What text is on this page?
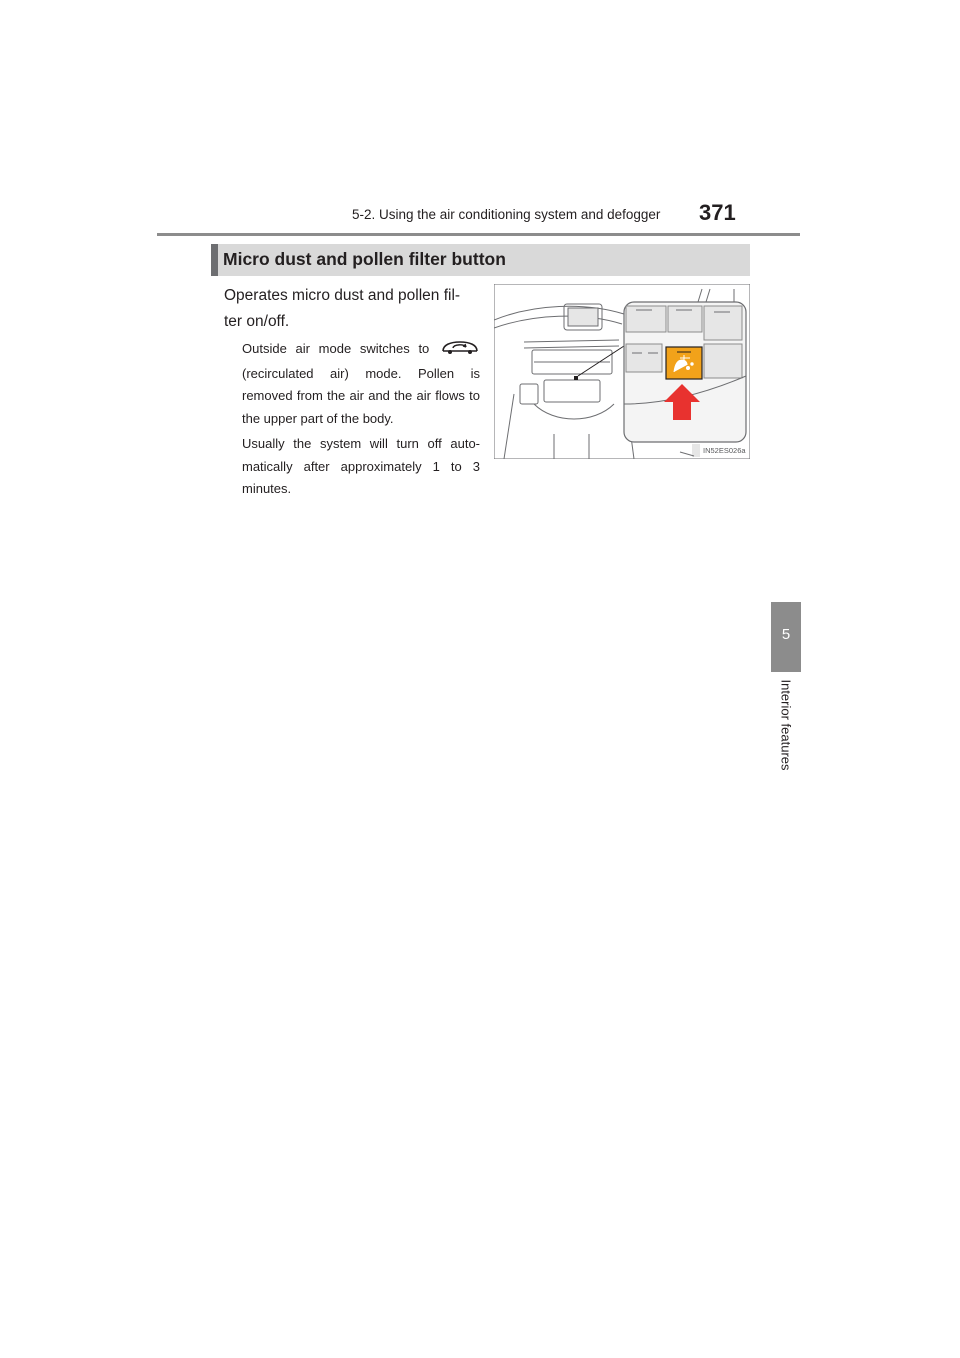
5-2. Using the air conditioning system and defogger 371
Micro dust and pollen filter button

Operates micro dust and pollen fil-ter on/off.

Outside air mode switches to  (recirculated air) mode. Pollen is removed from the air and the air flows to the upper part of the body.

Usually the system will turn off auto-matically after approximately 1 to 3 minutes.

IN52ES026a
5
Interior features
